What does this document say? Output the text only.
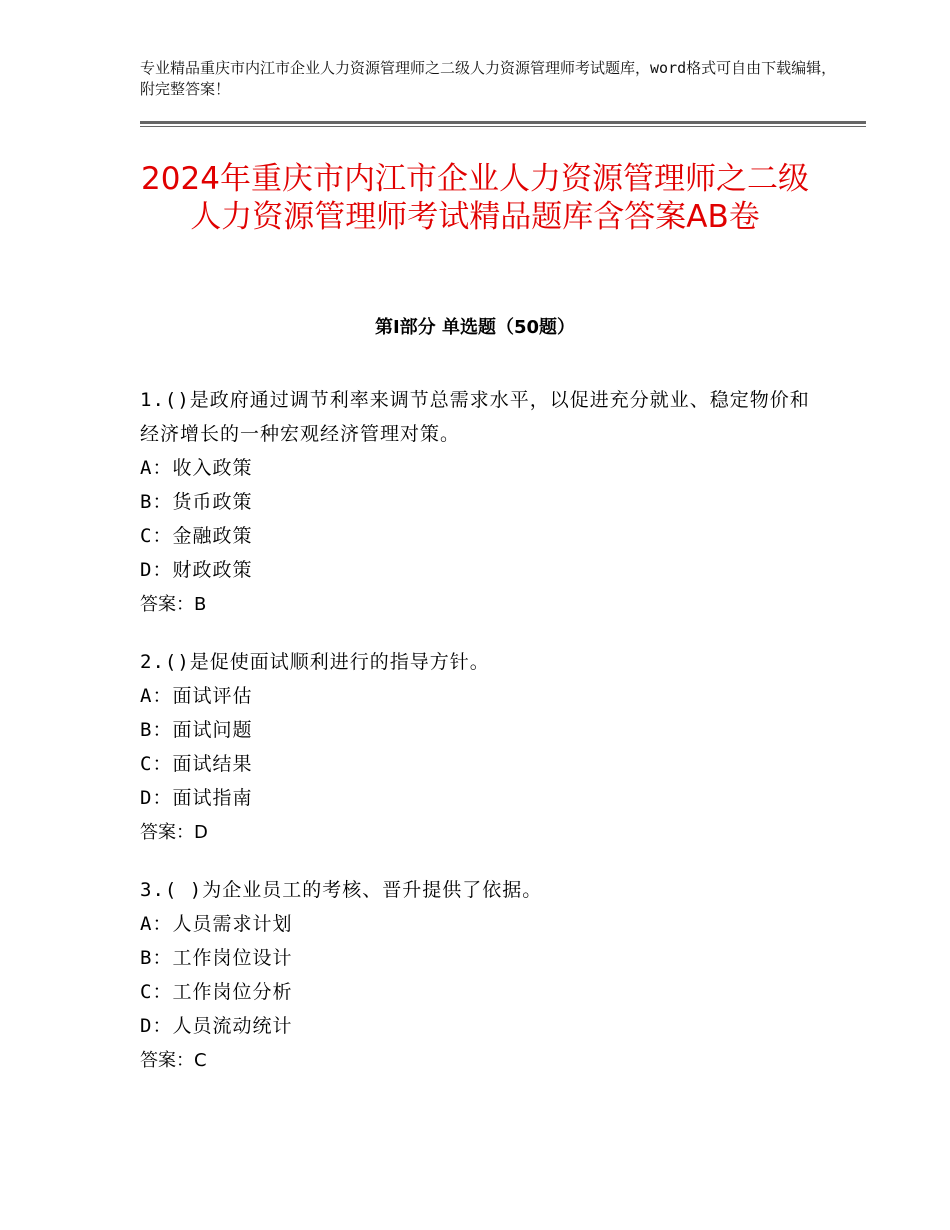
专业精品重庆市内江市企业人力资源管理师之二级人力资源管理师考试题库，word格式可自由下载编辑，附完整答案！
2024年重庆市内江市企业人力资源管理师之二级人力资源管理师考试精品题库含答案AB卷
第Ⅰ部分 单选题（50题）

1.()是政府通过调节利率来调节总需求水平，以促进充分就业、稳定物价和经济增长的一种宏观经济管理对策。

A：收入政策

B：货币政策

C：金融政策

D：财政政策

答案：B

2.()是促使面试顺利进行的指导方针。

A：面试评估

B：面试问题

C：面试结果

D：面试指南

答案：D

3.( )为企业员工的考核、晋升提供了依据。

A：人员需求计划

B：工作岗位设计

C：工作岗位分析

D：人员流动统计

答案：C
